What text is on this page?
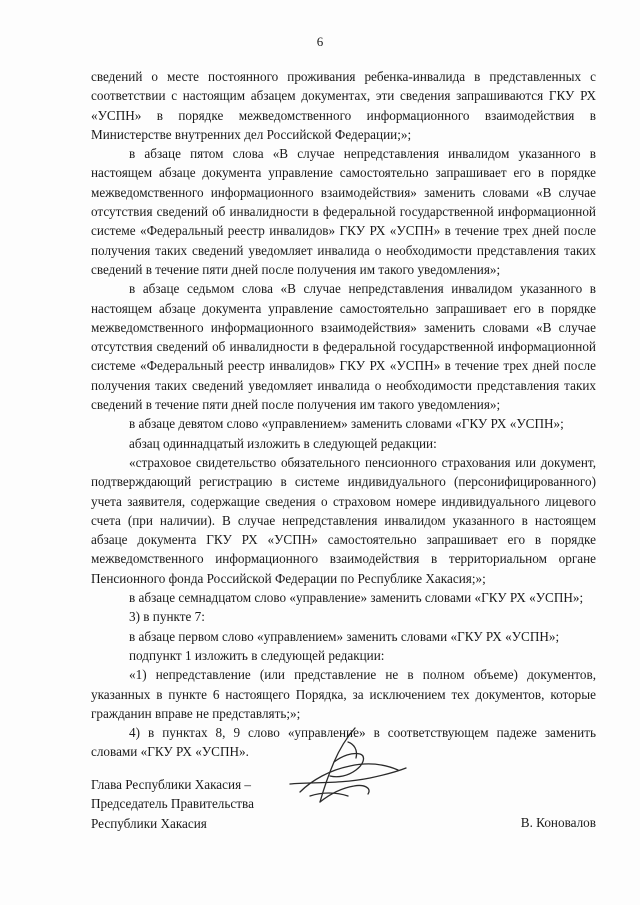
6

сведений о месте постоянного проживания ребенка-инвалида в представленных с соответствии с настоящим абзацем документах, эти сведения запрашиваются ГКУ РХ «УСПН» в порядке межведомственного информационного взаимодействия в Министерстве внутренних дел Российской Федерации;»;

в абзаце пятом слова «В случае непредставления инвалидом указанного в настоящем абзаце документа управление самостоятельно запрашивает его в порядке межведомственного информационного взаимодействия» заменить словами «В случае отсутствия сведений об инвалидности в федеральной государственной информационной системе «Федеральный реестр инвалидов» ГКУ РХ «УСПН» в течение трех дней после получения таких сведений уведомляет инвалида о необходимости представления таких сведений в течение пяти дней после получения им такого уведомления»;

в абзаце седьмом слова «В случае непредставления инвалидом указанного в настоящем абзаце документа управление самостоятельно запрашивает его в порядке межведомственного информационного взаимодействия» заменить словами «В случае отсутствия сведений об инвалидности в федеральной государственной информационной системе «Федеральный реестр инвалидов» ГКУ РХ «УСПН» в течение трех дней после получения таких сведений уведомляет инвалида о необходимости представления таких сведений в течение пяти дней после получения им такого уведомления»;

в абзаце девятом слово «управлением» заменить словами «ГКУ РХ «УСПН»;

абзац одиннадцатый изложить в следующей редакции:

«страховое свидетельство обязательного пенсионного страхования или документ, подтверждающий регистрацию в системе индивидуального (персонифицированного) учета заявителя, содержащие сведения о страховом номере индивидуального лицевого счета (при наличии). В случае непредставления инвалидом указанного в настоящем абзаце документа ГКУ РХ «УСПН» самостоятельно запрашивает его в порядке межведомственного информационного взаимодействия в территориальном органе Пенсионного фонда Российской Федерации по Республике Хакасия;»;

в абзаце семнадцатом слово «управление» заменить словами «ГКУ РХ «УСПН»;

3) в пункте 7:

в абзаце первом слово «управлением» заменить словами «ГКУ РХ «УСПН»;

подпункт 1 изложить в следующей редакции:

«1) непредставление (или представление не в полном объеме) документов, указанных в пункте 6 настоящего Порядка, за исключением тех документов, которые гражданин вправе не представлять;»;

4) в пунктах 8, 9 слово «управление» в соответствующем падеже заменить словами «ГКУ РХ «УСПН».

Глава Республики Хакасия –
Председатель Правительства
Республики Хакасия	В. Коновалов
